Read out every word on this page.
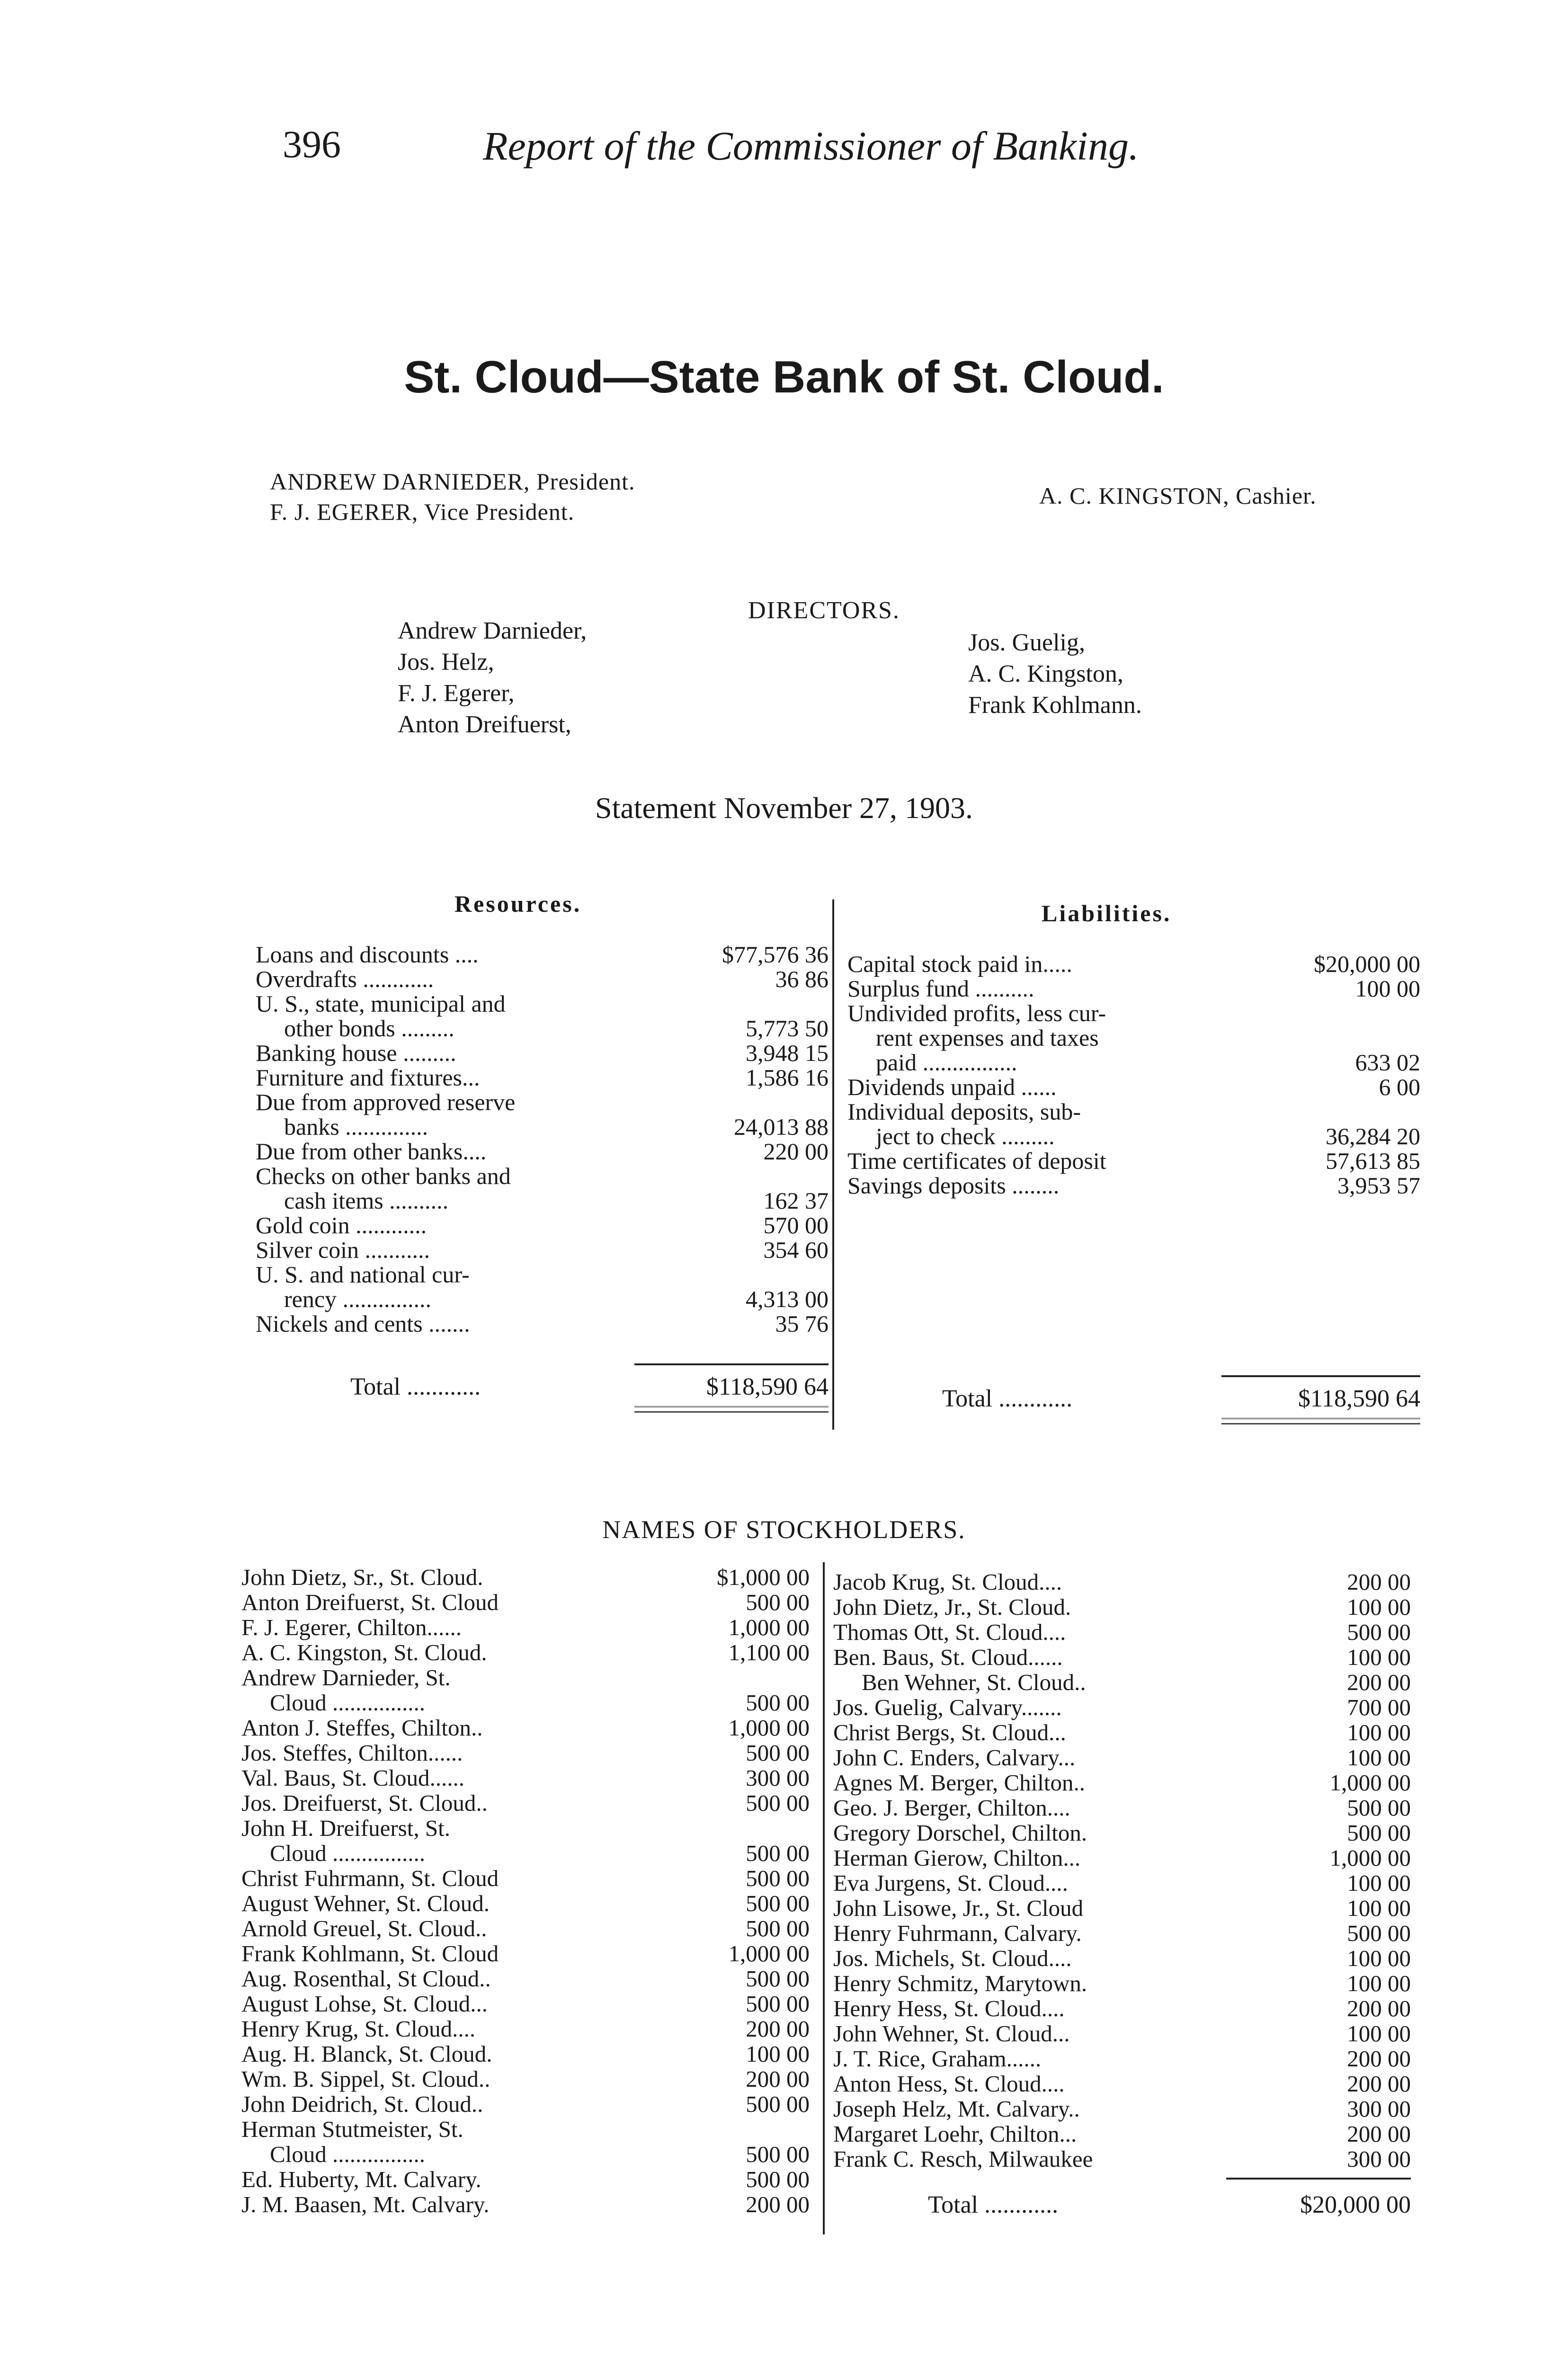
396	Report of the Commissioner of Banking.
St. Cloud—State Bank of St. Cloud.
ANDREW DARNIEDER, President.
F. J. EGERER, Vice President.
A. C. KINGSTON, Cashier.
DIRECTORS.
Andrew Darnieder,
Jos. Helz,
F. J. Egerer,
Anton Dreifuerst,
Jos. Guelig,
A. C. Kingston,
Frank Kohlmann.
Statement November 27, 1903.
Resources.	Liabilities.
Loans and discounts ....	$77,576 36
Overdrafts ............	36 86
U. S., state, municipal and
other bonds .........	5,773 50
Banking house .........	3,948 15
Furniture and fixtures...	1,586 16
Due from approved reserve
banks ..............	24,013 88
Due from other banks....	220 00
Checks on other banks and
cash items ..........	162 37
Gold coin ............	570 00
Silver coin ...........	354 60
U. S. and national cur-
rency ...............	4,313 00
Nickels and cents .......	35 76
Total ............	$118,590 64
Capital stock paid in.....	$20,000 00
Surplus fund ..........	100 00
Undivided profits, less cur-
rent expenses and taxes
paid ................	633 02
Dividends unpaid ......	6 00
Individual deposits, sub-
ject to check .........	36,284 20
Time certificates of deposit	57,613 85
Savings deposits ........	3,953 57
Total ............	$118,590 64
NAMES OF STOCKHOLDERS.
John Dietz, Sr., St. Cloud.	$1,000 00
Anton Dreifuerst, St. Cloud	500 00
F. J. Egerer, Chilton......	1,000 00
A. C. Kingston, St. Cloud.	1,100 00
Andrew Darnieder, St.
Cloud ................	500 00
Anton J. Steffes, Chilton..	1,000 00
Jos. Steffes, Chilton......	500 00
Val. Baus, St. Cloud......	300 00
Jos. Dreifuerst, St. Cloud..	500 00
John H. Dreifuerst, St.
Cloud ................	500 00
Christ Fuhrmann, St. Cloud	500 00
August Wehner, St. Cloud.	500 00
Arnold Greuel, St. Cloud..	500 00
Frank Kohlmann, St. Cloud	1,000 00
Aug. Rosenthal, St Cloud..	500 00
August Lohse, St. Cloud...	500 00
Henry Krug, St. Cloud....	200 00
Aug. H. Blanck, St. Cloud.	100 00
Wm. B. Sippel, St. Cloud..	200 00
John Deidrich, St. Cloud..	500 00
Herman Stutmeister, St.
Cloud ................	500 00
Ed. Huberty, Mt. Calvary.	500 00
J. M. Baasen, Mt. Calvary.	200 00
Jacob Krug, St. Cloud....	200 00
John Dietz, Jr., St. Cloud.	100 00
Thomas Ott, St. Cloud....	500 00
Ben. Baus, St. Cloud......	100 00
Ben Wehner, St. Cloud..	200 00
Jos. Guelig, Calvary.......	700 00
Christ Bergs, St. Cloud...	100 00
John C. Enders, Calvary...	100 00
Agnes M. Berger, Chilton..	1,000 00
Geo. J. Berger, Chilton....	500 00
Gregory Dorschel, Chilton.	500 00
Herman Gierow, Chilton...	1,000 00
Eva Jurgens, St. Cloud....	100 00
John Lisowe, Jr., St. Cloud	100 00
Henry Fuhrmann, Calvary.	500 00
Jos. Michels, St. Cloud....	100 00
Henry Schmitz, Marytown.	100 00
Henry Hess, St. Cloud....	200 00
John Wehner, St. Cloud...	100 00
J. T. Rice, Graham......	200 00
Anton Hess, St. Cloud....	200 00
Joseph Helz, Mt. Calvary..	300 00
Margaret Loehr, Chilton...	200 00
Frank C. Resch, Milwaukee	300 00
Total ............	$20,000 00
